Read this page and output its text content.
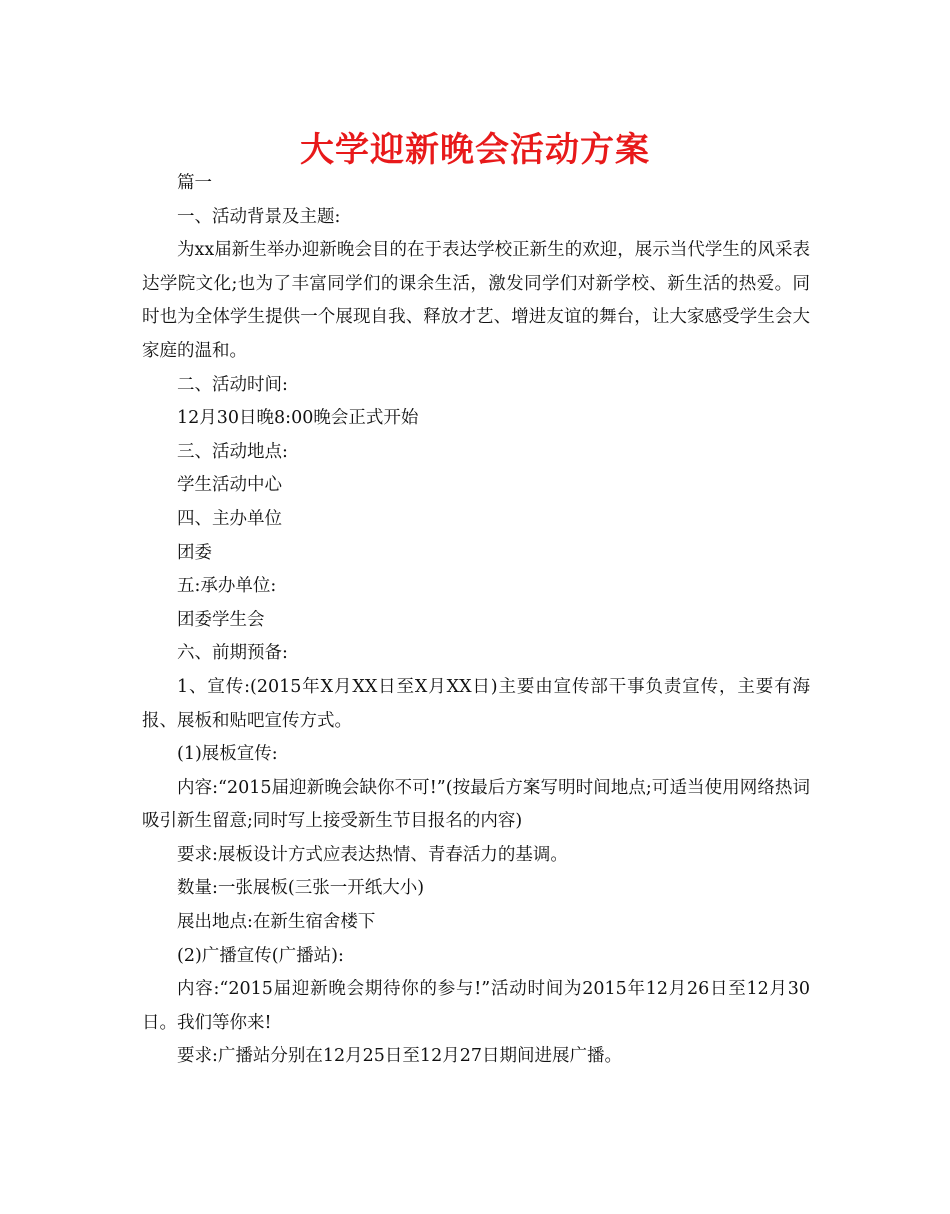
大学迎新晚会活动方案

篇一

一、活动背景及主题:

为xx届新生举办迎新晚会目的在于表达学校正新生的欢迎，展示当代学生的风采表达学院文化;也为了丰富同学们的课余生活，激发同学们对新学校、新生活的热爱。同时也为全体学生提供一个展现自我、释放才艺、增进友谊的舞台，让大家感受学生会大家庭的温和。

二、活动时间:

12月30日晚8:00晚会正式开始

三、活动地点:

学生活动中心

四、主办单位

团委

五:承办单位:

团委学生会

六、前期预备:

1、宣传:(2015年X月XX日至X月XX日)主要由宣传部干事负责宣传，主要有海报、展板和贴吧宣传方式。

(1)展板宣传:

内容:“2015届迎新晚会缺你不可!”(按最后方案写明时间地点;可适当使用网络热词吸引新生留意;同时写上接受新生节目报名的内容)

要求:展板设计方式应表达热情、青春活力的基调。

数量:一张展板(三张一开纸大小)

展出地点:在新生宿舍楼下

(2)广播宣传(广播站):

内容:“2015届迎新晚会期待你的参与!”活动时间为2015年12月26日至12月30日。我们等你来!

要求:广播站分别在12月25日至12月27日期间进展广播。
